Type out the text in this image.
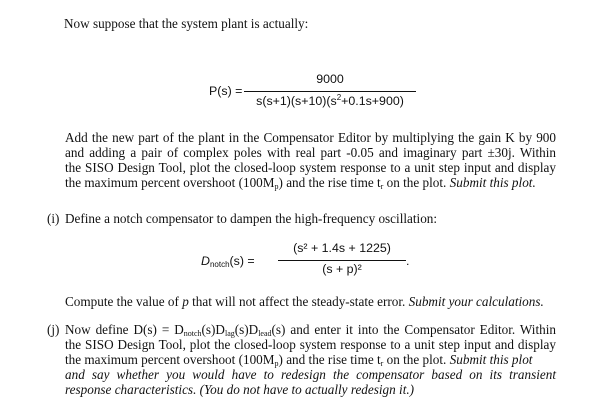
Now suppose that the system plant is actually:
P(s) =
9000
$s(s+1)(s+10)(s^2+0.1s+900)$
Add the new part of the plant in the Compensator Editor by multiplying the gain K by 900
and adding a pair of complex poles with real part -0.05 and imaginary part ±30j. Within
the SISO Design Tool, plot the closed-loop system response to a unit step input and display
the maximum percent overshoot $(100M_p)$ and the rise time $t_r$ on the plot. Submit this plot.
(i) Define a notch compensator to dampen the high-frequency oscillation:
$D_{notch}(s)$ =
(s² + 1.4s + 1225)
(s + p)²
.
Compute the value of p that will not affect the steady-state error. Submit your calculations.
(j) Now define $D(s) = D_{notch}(s)D_{lag}(s)D_{lead}(s)$ and enter it into the Compensator Editor. Within
the SISO Design Tool, plot the closed-loop system response to a unit step input and display
the maximum percent overshoot $(100M_p)$ and the rise time $t_r$ on the plot. Submit this plot
and say whether you would have to redesign the compensator based on its transient
response characteristics. (You do not have to actually redesign it.)
